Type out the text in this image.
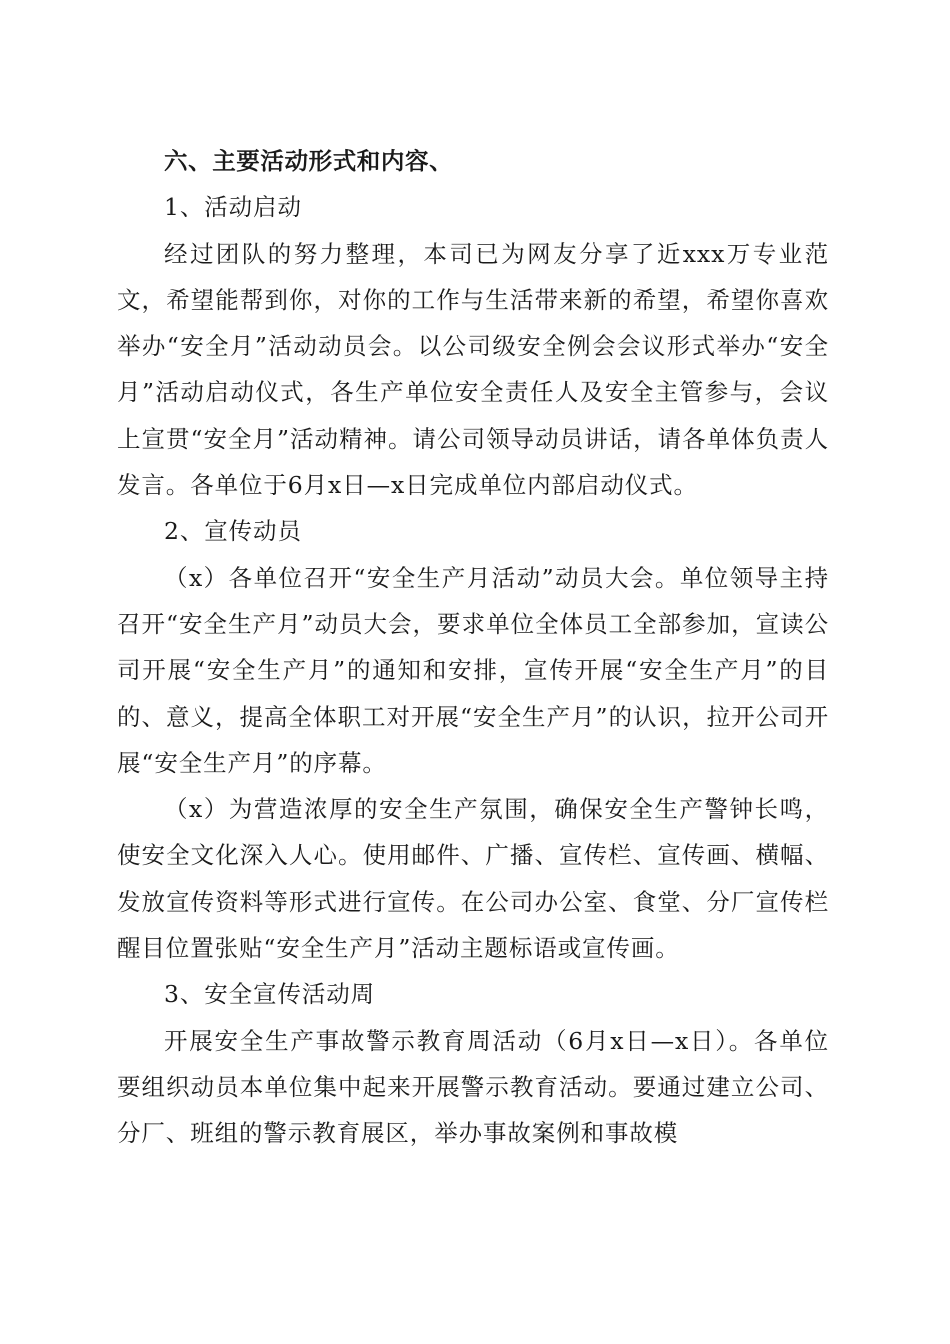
六、主要活动形式和内容、

1、活动启动

经过团队的努力整理，本司已为网友分享了近xxx万专业范文，希望能帮到你，对你的工作与生活带来新的希望，希望你喜欢举办“安全月”活动动员会。以公司级安全例会会议形式举办“安全月”活动启动仪式，各生产单位安全责任人及安全主管参与，会议上宣贯“安全月”活动精神。请公司领导动员讲话，请各单体负责人发言。各单位于6月x日—x日完成单位内部启动仪式。

2、宣传动员

（x）各单位召开“安全生产月活动”动员大会。单位领导主持召开“安全生产月”动员大会，要求单位全体员工全部参加，宣读公司开展“安全生产月”的通知和安排，宣传开展“安全生产月”的目的、意义，提高全体职工对开展“安全生产月”的认识，拉开公司开展“安全生产月”的序幕。

（x）为营造浓厚的安全生产氛围，确保安全生产警钟长鸣，使安全文化深入人心。使用邮件、广播、宣传栏、宣传画、横幅、发放宣传资料等形式进行宣传。在公司办公室、食堂、分厂宣传栏醒目位置张贴“安全生产月”活动主题标语或宣传画。

3、安全宣传活动周

开展安全生产事故警示教育周活动（6月x日—x日）。各单位要组织动员本单位集中起来开展警示教育活动。要通过建立公司、分厂、班组的警示教育展区，举办事故案例和事故模
